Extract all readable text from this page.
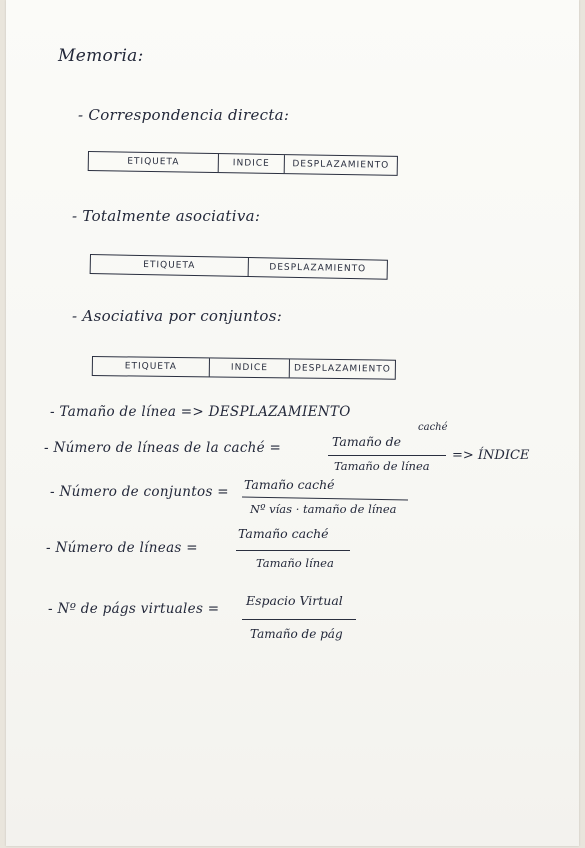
Memoria:
- Correspondencia directa:
ETIQUETA	INDICE	DESPLAZAMIENTO
- Totalmente asociativa:
ETIQUETA	DESPLAZAMIENTO
- Asociativa por conjuntos:
ETIQUETA	INDICE	DESPLAZAMIENTO
- Tamaño de línea => DESPLAZAMIENTO
- Número de líneas de la caché =	Tamaño de
caché
Tamaño de línea
=> ÍNDICE
- Número de conjuntos = Tamaño caché
Nº vías · tamaño de línea
- Número de líneas =
Tamaño caché
Tamaño línea
- Nº de págs virtuales =
Espacio Virtual
Tamaño de pág
